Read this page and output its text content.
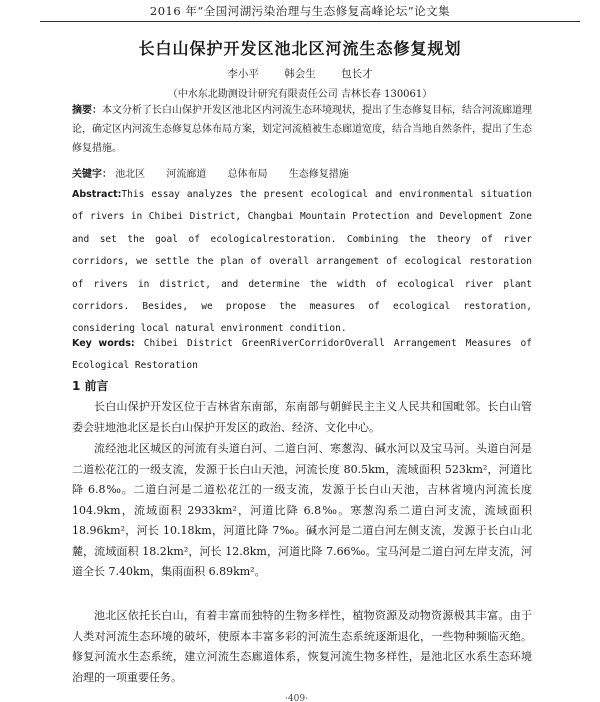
2016 年“全国河湖污染治理与生态修复高峰论坛”论文集
长白山保护开发区池北区河流生态修复规划
李小平 韩会生 包长才
（中水东北勘测设计研究有限责任公司 吉林长春 130061）

摘要：本文分析了长白山保护开发区池北区内河流生态环境现状，提出了生态修复目标，结合河流廊道理论，确定区内河流生态修复总体布局方案，划定河流植被生态廊道宽度，结合当地自然条件，提出了生态修复措施。

关键字： 池北区 河流廊道 总体布局 生态修复措施

Abstract:This essay analyzes the present ecological and environmental situation of rivers in Chibei District, Changbai Mountain Protection and Development Zone and set the goal of ecologicalrestoration. Combining the theory of river corridors, we settle the plan of overall arrangement of ecological restoration of rivers in district, and determine the width of ecological river plant corridors. Besides, we propose the measures of ecological restoration, considering local natural environment condition.

Key words: Chibei District GreenRiverCorridorOverall Arrangement Measures of Ecological Restoration

1 前言

长白山保护开发区位于吉林省东南部，东南部与朝鲜民主主义人民共和国毗邻。长白山管委会驻地池北区是长白山保护开发区的政治、经济、文化中心。

流经池北区城区的河流有头道白河、二道白河、寒葱沟、碱水河以及宝马河。头道白河是二道松花江的一级支流，发源于长白山天池，河流长度 80.5km，流域面积 523km²，河道比降 6.8‰。二道白河是二道松花江的一级支流，发源于长白山天池，吉林省境内河流长度 104.9km，流域面积 2933km²，河道比降 6.8‰。寒葱沟系二道白河支流，流域面积 18.96km²，河长 10.18km，河道比降 7‰。碱水河是二道白河左侧支流，发源于长白山北麓，流域面积 18.2km²，河长 12.8km，河道比降 7.66‰。宝马河是二道白河左岸支流，河道全长 7.40km，集雨面积 6.89km²。

池北区依托长白山，有着丰富而独特的生物多样性，植物资源及动物资源极其丰富。由于人类对河流生态环境的破坏，使原本丰富多彩的河流生态系统逐渐退化，一些物种频临灭绝。修复河流水生态系统，建立河流生态廊道体系，恢复河流生物多样性，是池北区水系生态环境治理的一项重要任务。

·409·
